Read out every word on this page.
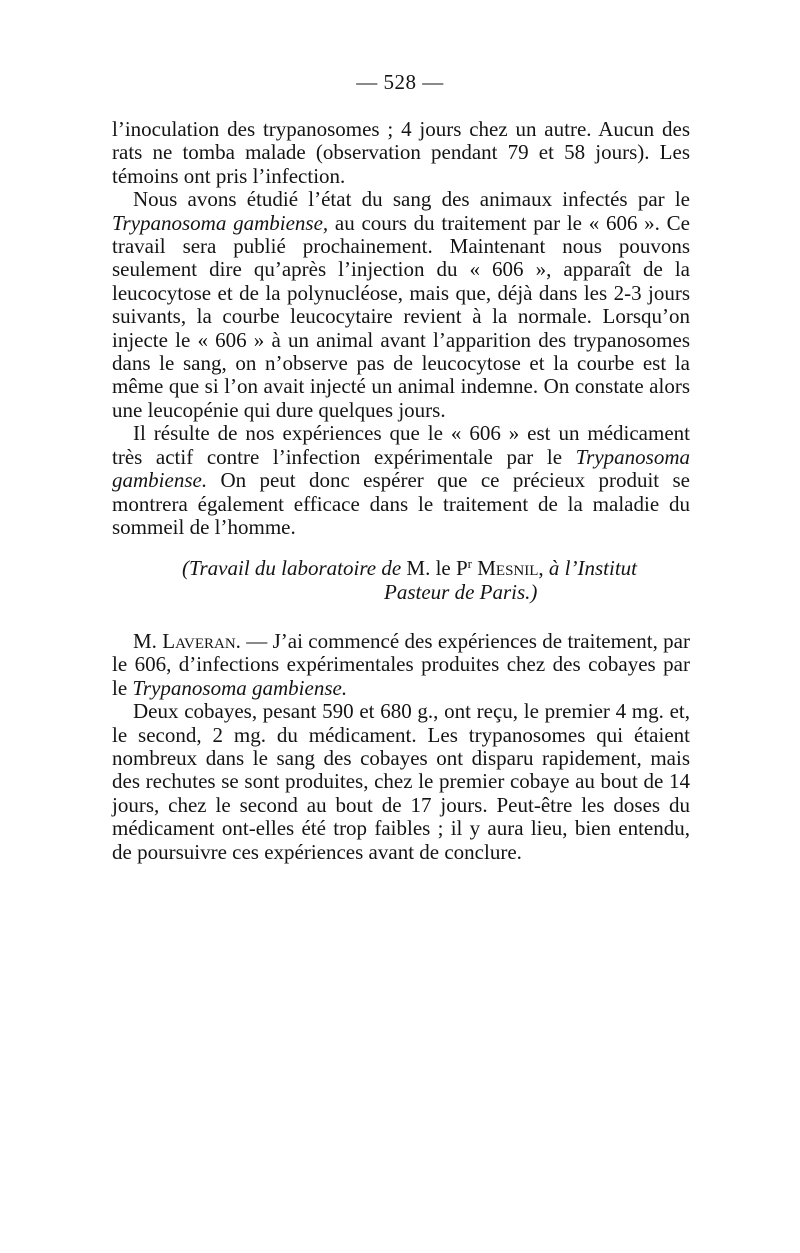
— 528 —

l’inoculation des trypanosomes ; 4 jours chez un autre. Aucun des rats ne tomba malade (observation pendant 79 et 58 jours). Les témoins ont pris l’infection.

Nous avons étudié l’état du sang des animaux infectés par le Trypanosoma gambiense, au cours du traitement par le « 606 ». Ce travail sera publié prochainement. Maintenant nous pouvons seulement dire qu’après l’injection du « 606 », apparaît de la leucocytose et de la polynucléose, mais que, déjà dans les 2-3 jours suivants, la courbe leucocytaire revient à la normale. Lorsqu’on injecte le « 606 » à un animal avant l’apparition des trypanosomes dans le sang, on n’observe pas de leucocytose et la courbe est la même que si l’on avait injecté un animal indemne. On constate alors une leucopénie qui dure quelques jours.

Il résulte de nos expériences que le « 606 » est un médicament très actif contre l’infection expérimentale par le Trypanosoma gambiense. On peut donc espérer que ce précieux produit se montrera également efficace dans le traitement de la maladie du sommeil de l’homme.

(Travail du laboratoire de M. le $P^r$ Mesnil, à l’Institut
Pasteur de Paris.)

M. Laveran. — J’ai commencé des expériences de traitement, par le 606, d’infections expérimentales produites chez des cobayes par le Trypanosoma gambiense.

Deux cobayes, pesant 590 et 680 g., ont reçu, le premier 4 mg. et, le second, 2 mg. du médicament. Les trypanosomes qui étaient nombreux dans le sang des cobayes ont disparu rapidement, mais des rechutes se sont produites, chez le premier cobaye au bout de 14 jours, chez le second au bout de 17 jours. Peut-être les doses du médicament ont-elles été trop faibles ; il y aura lieu, bien entendu, de poursuivre ces expériences avant de conclure.
